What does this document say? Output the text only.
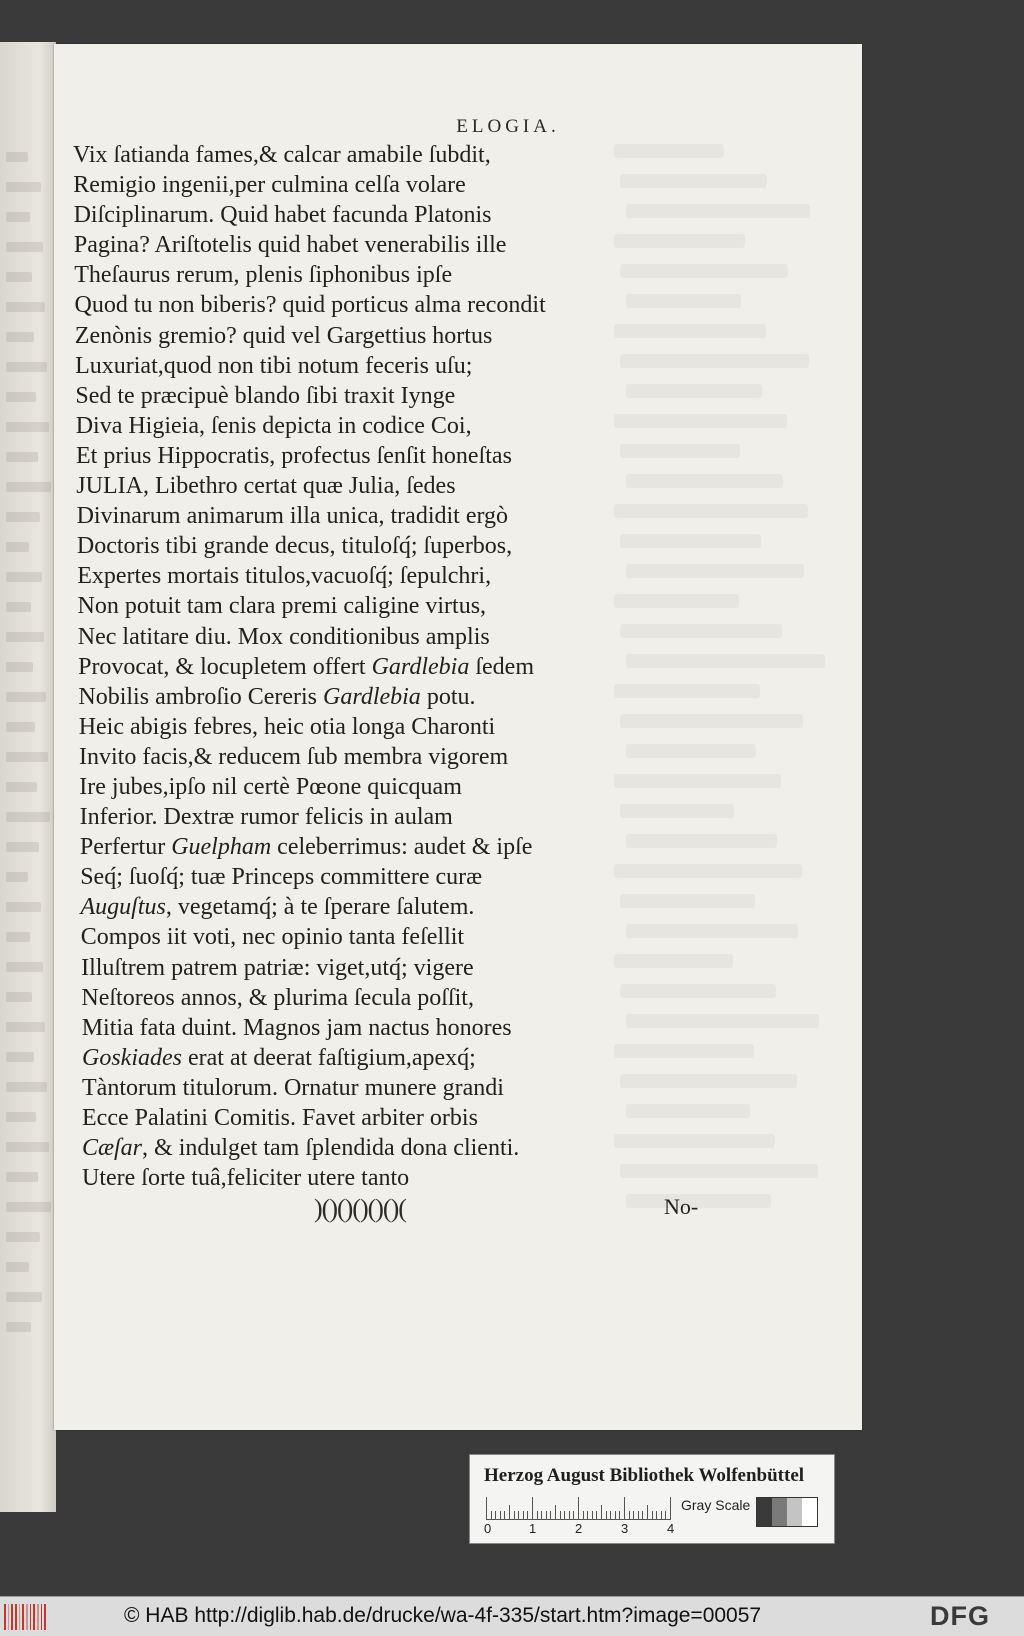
ELOGIA.
Vix ſatianda fames,& calcar amabile ſubdit,
Remigio ingenii,per culmina celſa volare
Diſciplinarum. Quid habet facunda Platonis
Pagina? Ariſtotelis quid habet venerabilis ille
Theſaurus rerum, plenis ſiphonibus ipſe
Quod tu non biberis? quid porticus alma recondit
Zenònis gremio? quid vel Gargettius hortus
Luxuriat,quod non tibi notum feceris uſu;
Sed te præcipuè blando ſibi traxit Iynge
Diva Higieia, ſenis depicta in codice Coi,
Et prius Hippocratis, profectus ſenſit honeſtas
JULIA, Libethro certat quæ Julia, ſedes
Divinarum animarum illa unica, tradidit ergò
Doctoris tibi grande decus, tituloſq́; ſuperbos,
Expertes mortais titulos,vacuoſq́; ſepulchri,
Non potuit tam clara premi caligine virtus,
Nec latitare diu. Mox conditionibus amplis
Provocat, & locupletem offert Gardlebia ſedem
Nobilis ambroſio Cereris Gardlebia potu.
Heic abigis febres, heic otia longa Charonti
Invito facis,& reducem ſub membra vigorem
Ire jubes,ipſo nil certè Pœone quicquam
Inferior. Dextræ rumor felicis in aulam
Perfertur Guelpham celeberrimus: audet & ipſe
Seq́; ſuoſq́; tuæ Princeps committere curæ
Auguſtus, vegetamq́; à te ſperare ſalutem.
Compos iit voti, nec opinio tanta feſellit
Illuſtrem patrem patriæ: viget,utq́; vigere
Neſtoreos annos, & plurima ſecula poſſit,
Mitia fata duint. Magnos jam nactus honores
Goskiades erat at deerat faſtigium,apexq́;
Tàntorum titulorum. Ornatur munere grandi
Ecce Palatini Comitis. Favet arbiter orbis
Cæſar, & indulget tam ſplendida dona clienti.
Utere ſorte tuâ,feliciter utere tanto
)()()()()()(	No-
Herzog August Bibliothek Wolfenbüttel
0	1	2	3	4
Gray Scale
© HAB http://diglib.hab.de/drucke/wa-4f-335/start.htm?image=00057	DFG
